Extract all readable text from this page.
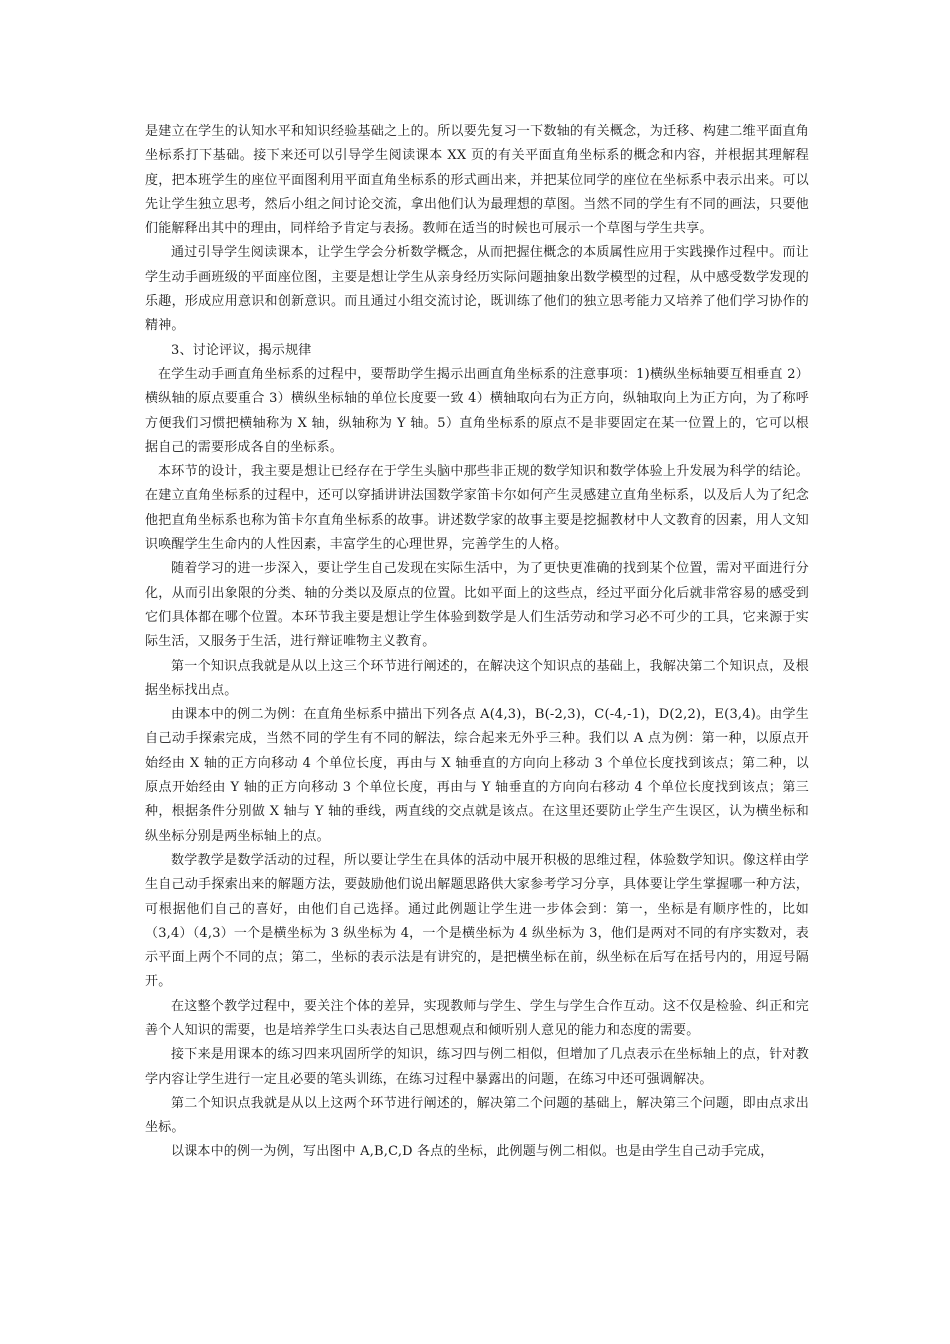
是建立在学生的认知水平和知识经验基础之上的。所以要先复习一下数轴的有关概念，为迁移、构建二维平面直角坐标系打下基础。接下来还可以引导学生阅读课本 XX 页的有关平面直角坐标系的概念和内容，并根据其理解程度，把本班学生的座位平面图利用平面直角坐标系的形式画出来，并把某位同学的座位在坐标系中表示出来。可以先让学生独立思考，然后小组之间讨论交流，拿出他们认为最理想的草图。当然不同的学生有不同的画法，只要他们能解释出其中的理由，同样给予肯定与表扬。教师在适当的时候也可展示一个草图与学生共享。

通过引导学生阅读课本，让学生学会分析数学概念，从而把握住概念的本质属性应用于实践操作过程中。而让学生动手画班级的平面座位图，主要是想让学生从亲身经历实际问题抽象出数学模型的过程，从中感受数学发现的乐趣，形成应用意识和创新意识。而且通过小组交流讨论，既训练了他们的独立思考能力又培养了他们学习协作的精神。

3、讨论评议，揭示规律

在学生动手画直角坐标系的过程中，要帮助学生揭示出画直角坐标系的注意事项：1)横纵坐标轴要互相垂直 2）横纵轴的原点要重合 3）横纵坐标轴的单位长度要一致 4）横轴取向右为正方向，纵轴取向上为正方向，为了称呼方便我们习惯把横轴称为 X 轴，纵轴称为 Y 轴。5）直角坐标系的原点不是非要固定在某一位置上的，它可以根据自己的需要形成各自的坐标系。

本环节的设计，我主要是想让已经存在于学生头脑中那些非正规的数学知识和数学体验上升发展为科学的结论。在建立直角坐标系的过程中，还可以穿插讲讲法国数学家笛卡尔如何产生灵感建立直角坐标系，以及后人为了纪念他把直角坐标系也称为笛卡尔直角坐标系的故事。讲述数学家的故事主要是挖掘教材中人文教育的因素，用人文知识唤醒学生生命内的人性因素，丰富学生的心理世界，完善学生的人格。

随着学习的进一步深入，要让学生自己发现在实际生活中，为了更快更准确的找到某个位置，需对平面进行分化，从而引出象限的分类、轴的分类以及原点的位置。比如平面上的这些点，经过平面分化后就非常容易的感受到它们具体都在哪个位置。本环节我主要是想让学生体验到数学是人们生活劳动和学习必不可少的工具，它来源于实际生活，又服务于生活，进行辩证唯物主义教育。

第一个知识点我就是从以上这三个环节进行阐述的，在解决这个知识点的基础上，我解决第二个知识点，及根据坐标找出点。

由课本中的例二为例：在直角坐标系中描出下列各点 A(4,3)，B(-2,3)，C(-4,-1)，D(2,2)，E(3,4)。由学生自己动手探索完成，当然不同的学生有不同的解法，综合起来无外乎三种。我们以 A 点为例：第一种，以原点开始经由 X 轴的正方向移动 4 个单位长度，再由与 X 轴垂直的方向向上移动 3 个单位长度找到该点；第二种，以原点开始经由 Y 轴的正方向移动 3 个单位长度，再由与 Y 轴垂直的方向向右移动 4 个单位长度找到该点；第三种，根据条件分别做 X 轴与 Y 轴的垂线，两直线的交点就是该点。在这里还要防止学生产生误区，认为横坐标和纵坐标分别是两坐标轴上的点。

数学教学是数学活动的过程，所以要让学生在具体的活动中展开积极的思维过程，体验数学知识。像这样由学生自己动手探索出来的解题方法，要鼓励他们说出解题思路供大家参考学习分享，具体要让学生掌握哪一种方法，可根据他们自己的喜好，由他们自己选择。通过此例题让学生进一步体会到：第一，坐标是有顺序性的，比如（3,4）（4,3）一个是横坐标为 3 纵坐标为 4，一个是横坐标为 4 纵坐标为 3，他们是两对不同的有序实数对，表示平面上两个不同的点；第二，坐标的表示法是有讲究的，是把横坐标在前，纵坐标在后写在括号内的，用逗号隔开。

在这整个教学过程中，要关注个体的差异，实现教师与学生、学生与学生合作互动。这不仅是检验、纠正和完善个人知识的需要，也是培养学生口头表达自己思想观点和倾听别人意见的能力和态度的需要。

接下来是用课本的练习四来巩固所学的知识，练习四与例二相似，但增加了几点表示在坐标轴上的点，针对教学内容让学生进行一定且必要的笔头训练，在练习过程中暴露出的问题，在练习中还可强调解决。

第二个知识点我就是从以上这两个环节进行阐述的，解决第二个问题的基础上，解决第三个问题，即由点求出坐标。

以课本中的例一为例，写出图中 A,B,C,D 各点的坐标，此例题与例二相似。也是由学生自己动手完成，
